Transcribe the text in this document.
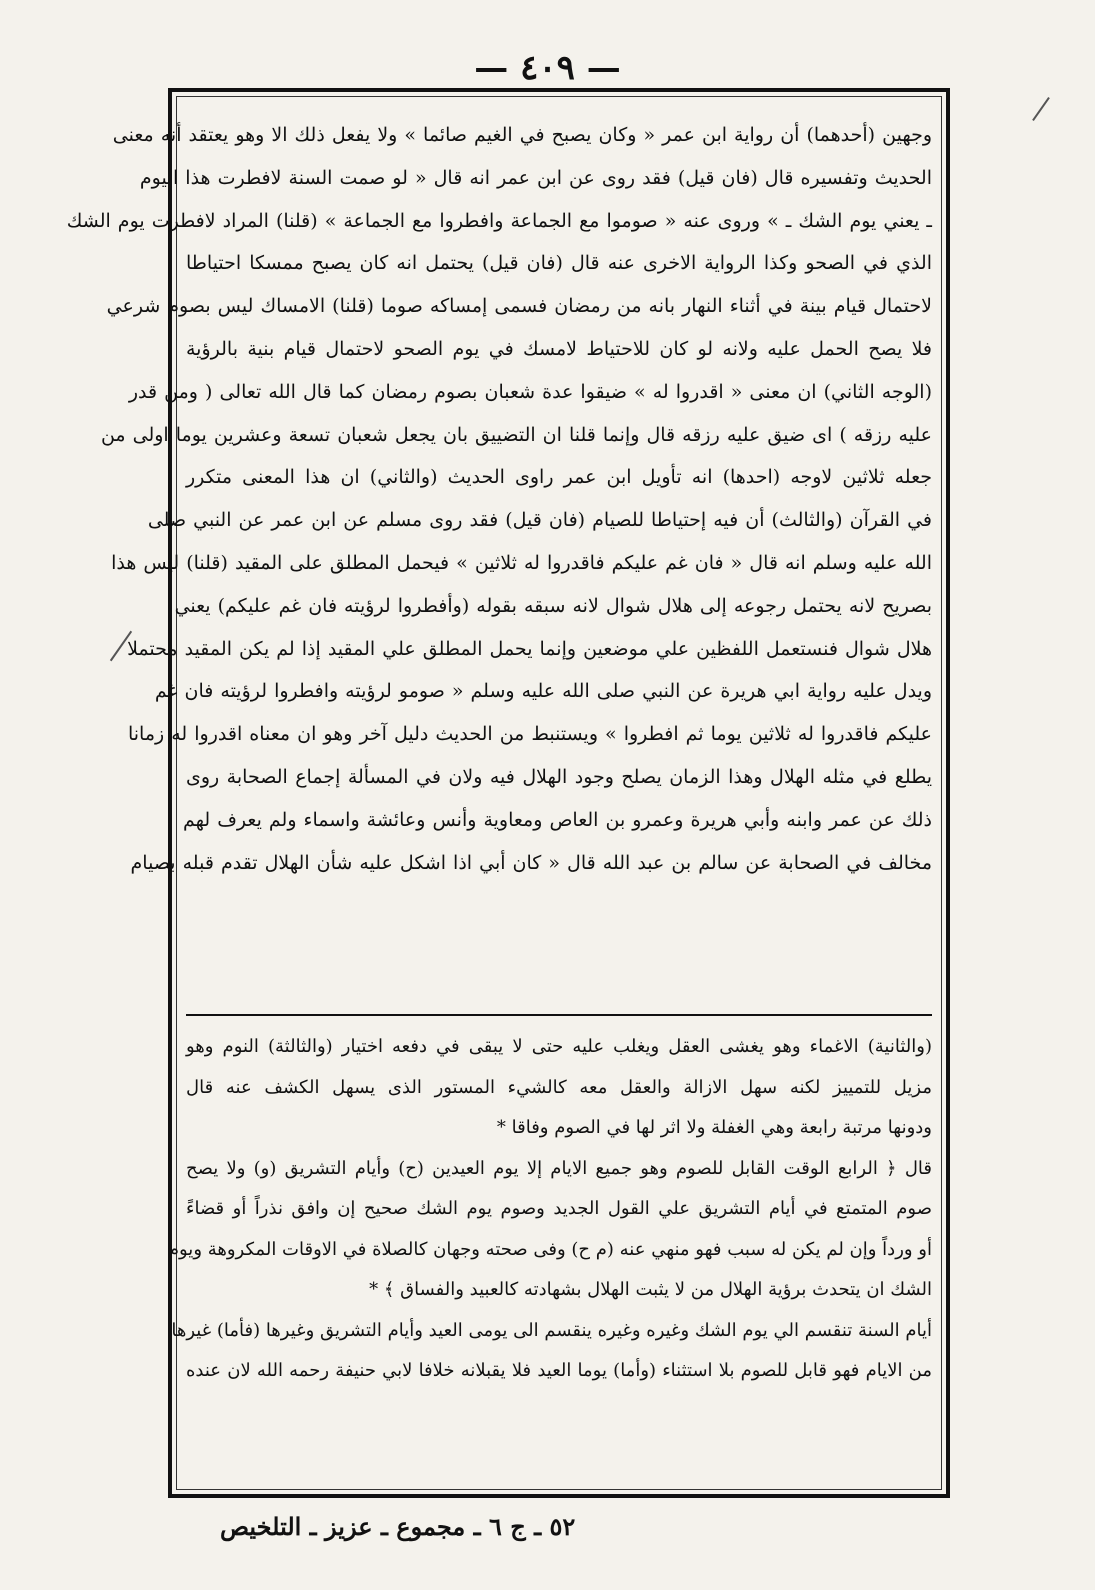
— ٤٠٩ —
وجهين (أحدهما) أن رواية ابن عمر « وكان يصبح في الغيم صائما » ولا يفعل ذلك الا وهو يعتقد أنه معنى
الحديث وتفسيره قال (فان قيل) فقد روى عن ابن عمر انه قال « لو صمت السنة لافطرت هذا اليوم
ـ يعني يوم الشك ـ » وروى عنه « صوموا مع الجماعة وافطروا مع الجماعة » (قلنا) المراد لافطرت يوم الشك
الذي في الصحو وكذا الرواية الاخرى عنه قال (فان قيل) يحتمل انه كان يصبح ممسكا احتياطا
لاحتمال قيام بينة في أثناء النهار بانه من رمضان فسمى إمساكه صوما (قلنا) الامساك ليس بصوم شرعي
فلا يصح الحمل عليه ولانه لو كان للاحتياط لامسك في يوم الصحو لاحتمال قيام بنية بالرؤية
(الوجه الثاني) ان معنى « اقدروا له » ضيقوا عدة شعبان بصوم رمضان كما قال الله تعالى ( ومن قدر
عليه رزقه ) اى ضيق عليه رزقه قال وإنما قلنا ان التضييق بان يجعل شعبان تسعة وعشرين يوما اولى من
جعله ثلاثين لاوجه (احدها) انه تأويل ابن عمر راوى الحديث (والثاني) ان هذا المعنى متكرر
في القرآن (والثالث) أن فيه إحتياطا للصيام (فان قيل) فقد روى مسلم عن ابن عمر عن النبي صلى
الله عليه وسلم انه قال « فان غم عليكم فاقدروا له ثلاثين » فيحمل المطلق على المقيد (قلنا) ليس هذا
بصريح لانه يحتمل رجوعه إلى هلال شوال لانه سبقه بقوله (وأفطروا لرؤيته فان غم عليكم) يعني
هلال شوال فنستعمل اللفظين علي موضعين وإنما يحمل المطلق علي المقيد إذا لم يكن المقيد محتملا
ويدل عليه رواية ابي هريرة عن النبي صلى الله عليه وسلم « صومو لرؤيته وافطروا لرؤيته فان غم
عليكم فاقدروا له ثلاثين يوما ثم افطروا » ويستنبط من الحديث دليل آخر وهو ان معناه اقدروا له زمانا
يطلع في مثله الهلال وهذا الزمان يصلح وجود الهلال فيه ولان في المسألة إجماع الصحابة روى
ذلك عن عمر وابنه وأبي هريرة وعمرو بن العاص ومعاوية وأنس وعائشة واسماء ولم يعرف لهم
مخالف في الصحابة عن سالم بن عبد الله قال « كان أبي اذا اشكل عليه شأن الهلال تقدم قبله بصيام
(والثانية) الاغماء وهو يغشى العقل ويغلب عليه حتى لا يبقى في دفعه اختيار (والثالثة) النوم وهو
مزيل للتمييز لكنه سهل الازالة والعقل معه كالشيء المستور الذى يسهل الكشف عنه قال
ودونها مرتبة رابعة وهي الغفلة ولا اثر لها في الصوم وفاقا *
قال ﴿ الرابع الوقت القابل للصوم وهو جميع الايام إلا يوم العيدين (ح) وأيام التشريق (و) ولا يصح
صوم المتمتع في أيام التشريق علي القول الجديد وصوم يوم الشك صحيح إن وافق نذراً أو قضاءً
أو ورداً وإن لم يكن له سبب فهو منهي عنه (م ح) وفى صحته وجهان كالصلاة في الاوقات المكروهة ويوم
الشك ان يتحدث برؤية الهلال من لا يثبت الهلال بشهادته كالعبيد والفساق ﴾ *
أيام السنة تنقسم الي يوم الشك وغيره وغيره ينقسم الى يومى العيد وأيام التشريق وغيرها (فأما) غيرها
من الايام فهو قابل للصوم بلا استثناء (وأما) يوما العيد فلا يقبلانه خلافا لابي حنيفة رحمه الله لان عنده
٥٢ ـ ج ٦ ـ مجموع ـ عزيز ـ التلخيص
